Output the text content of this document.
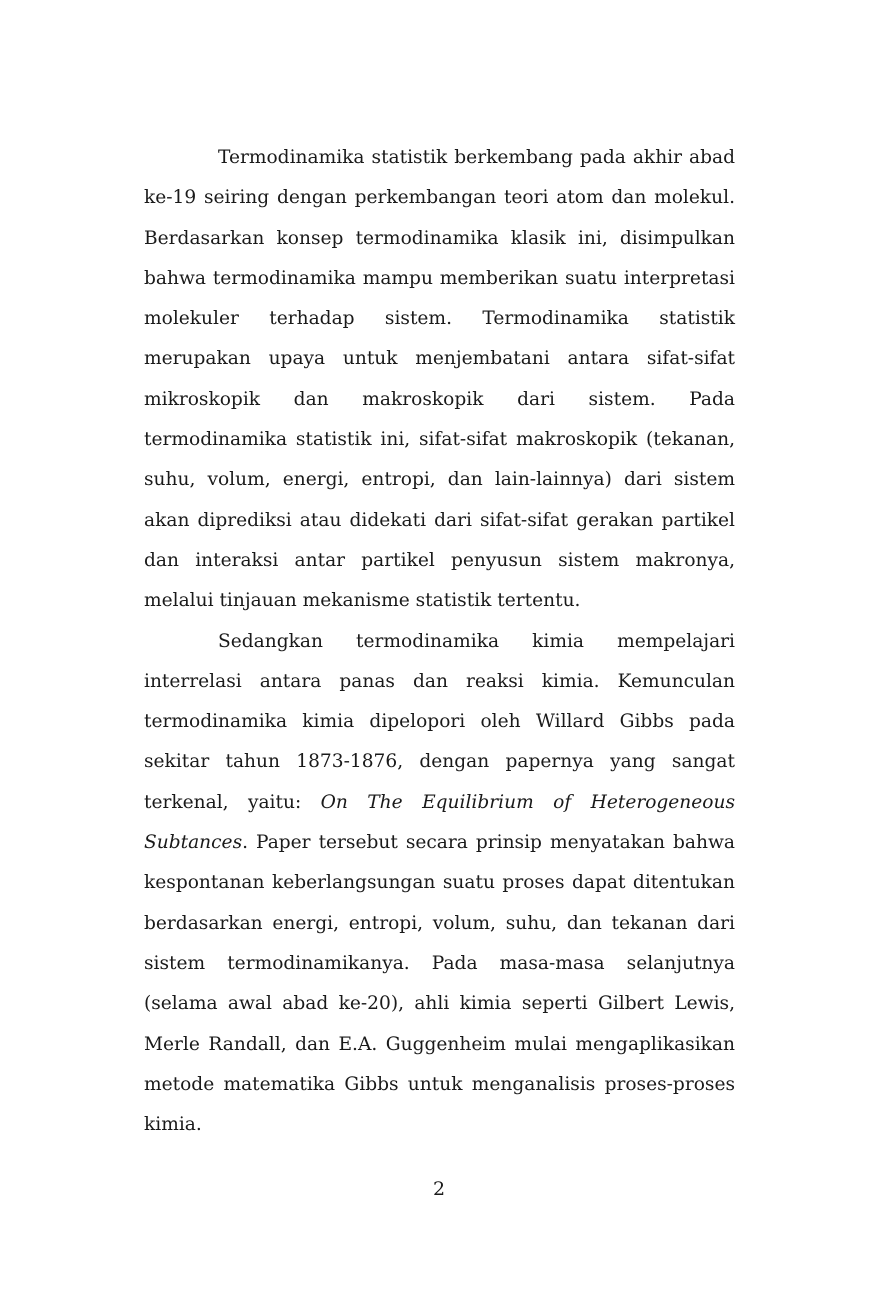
Termodinamika statistik berkembang pada akhir abad ke-19 seiring dengan perkembangan teori atom dan molekul. Berdasarkan konsep termodinamika klasik ini, disimpulkan bahwa termodinamika mampu memberikan suatu interpretasi molekuler terhadap sistem. Termodinamika statistik merupakan upaya untuk menjembatani antara sifat-sifat mikroskopik dan makroskopik dari sistem. Pada termodinamika statistik ini, sifat-sifat makroskopik (tekanan, suhu, volum, energi, entropi, dan lain-lainnya) dari sistem akan diprediksi atau didekati dari sifat-sifat gerakan partikel dan interaksi antar partikel penyusun sistem makronya, melalui tinjauan mekanisme statistik tertentu.

Sedangkan termodinamika kimia mempelajari interrelasi antara panas dan reaksi kimia. Kemunculan termodinamika kimia dipelopori oleh Willard Gibbs pada sekitar tahun 1873-1876, dengan papernya yang sangat terkenal, yaitu: On The Equilibrium of Heterogeneous Subtances. Paper tersebut secara prinsip menyatakan bahwa kespontanan keberlangsungan suatu proses dapat ditentukan berdasarkan energi, entropi, volum, suhu, dan tekanan dari sistem termodinamikanya. Pada masa-masa selanjutnya (selama awal abad ke-20), ahli kimia seperti Gilbert Lewis, Merle Randall, dan E.A. Guggenheim mulai mengaplikasikan metode matematika Gibbs untuk menganalisis proses-proses kimia.

2
